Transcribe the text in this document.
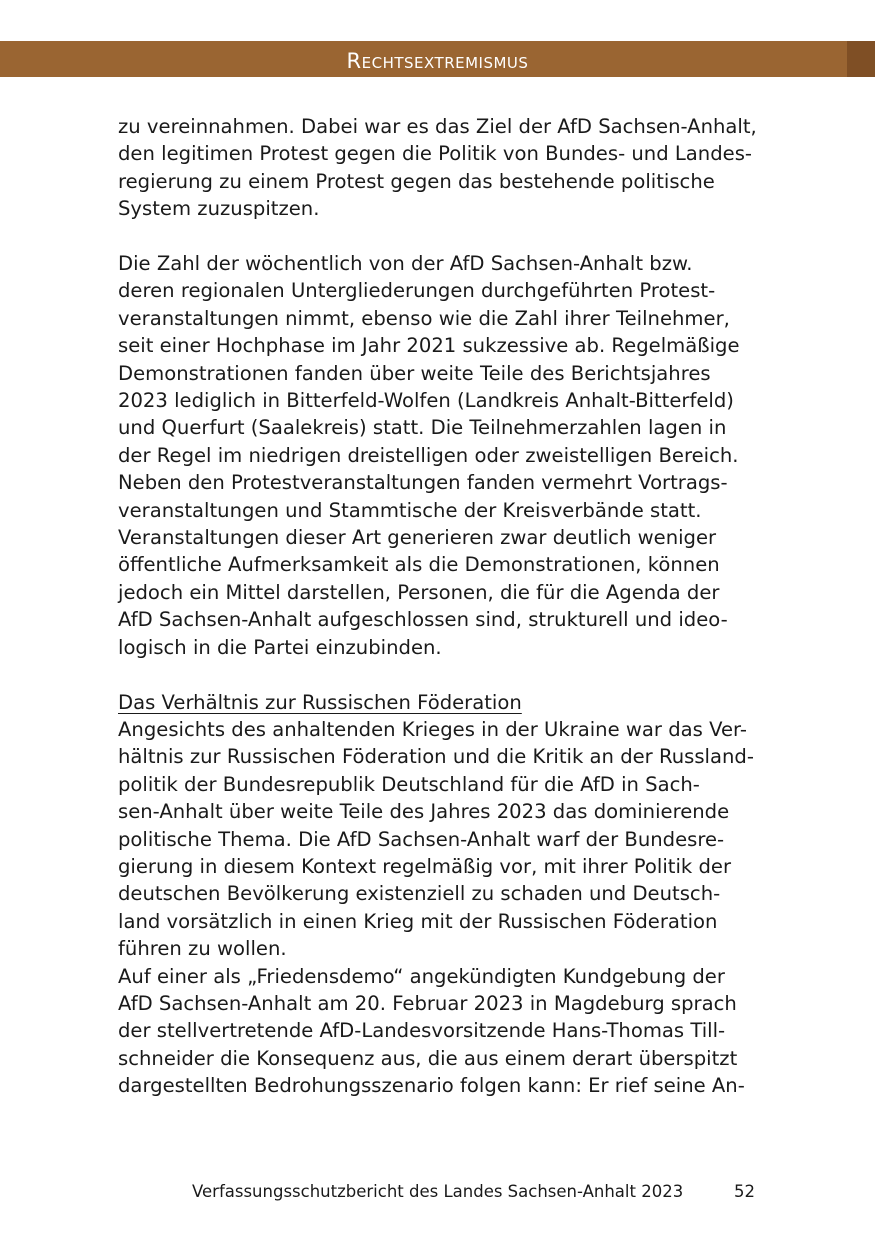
Rechtsextremismus
zu vereinnahmen. Dabei war es das Ziel der AfD Sachsen-Anhalt,
den legitimen Protest gegen die Politik von Bundes- und Landes-
regierung zu einem Protest gegen das bestehende politische
System zuzuspitzen.
Die Zahl der wöchentlich von der AfD Sachsen-Anhalt bzw.
deren regionalen Untergliederungen durchgeführten Protest-
veranstaltungen nimmt, ebenso wie die Zahl ihrer Teilnehmer,
seit einer Hochphase im Jahr 2021 sukzessive ab. Regelmäßige
Demonstrationen fanden über weite Teile des Berichtsjahres
2023 lediglich in Bitterfeld-Wolfen (Landkreis Anhalt-Bitterfeld)
und Querfurt (Saalekreis) statt. Die Teilnehmerzahlen lagen in
der Regel im niedrigen dreistelligen oder zweistelligen Bereich.
Neben den Protestveranstaltungen fanden vermehrt Vortrags-
veranstaltungen und Stammtische der Kreisverbände statt.
Veranstaltungen dieser Art generieren zwar deutlich weniger
öffentliche Aufmerksamkeit als die Demonstrationen, können
jedoch ein Mittel darstellen, Personen, die für die Agenda der
AfD Sachsen-Anhalt aufgeschlossen sind, strukturell und ideo-
logisch in die Partei einzubinden.
Das Verhältnis zur Russischen Föderation
Angesichts des anhaltenden Krieges in der Ukraine war das Ver-
hältnis zur Russischen Föderation und die Kritik an der Russland-
politik der Bundesrepublik Deutschland für die AfD in Sach-
sen-Anhalt über weite Teile des Jahres 2023 das dominierende
politische Thema. Die AfD Sachsen-Anhalt warf der Bundesre-
gierung in diesem Kontext regelmäßig vor, mit ihrer Politik der
deutschen Bevölkerung existenziell zu schaden und Deutsch-
land vorsätzlich in einen Krieg mit der Russischen Föderation
führen zu wollen.
Auf einer als „Friedensdemo“ angekündigten Kundgebung der
AfD Sachsen-Anhalt am 20. Februar 2023 in Magdeburg sprach
der stellvertretende AfD-Landesvorsitzende Hans-Thomas Till-
schneider die Konsequenz aus, die aus einem derart überspitzt
dargestellten Bedrohungsszenario folgen kann: Er rief seine An-
Verfassungsschutzbericht des Landes Sachsen-Anhalt 2023	52
